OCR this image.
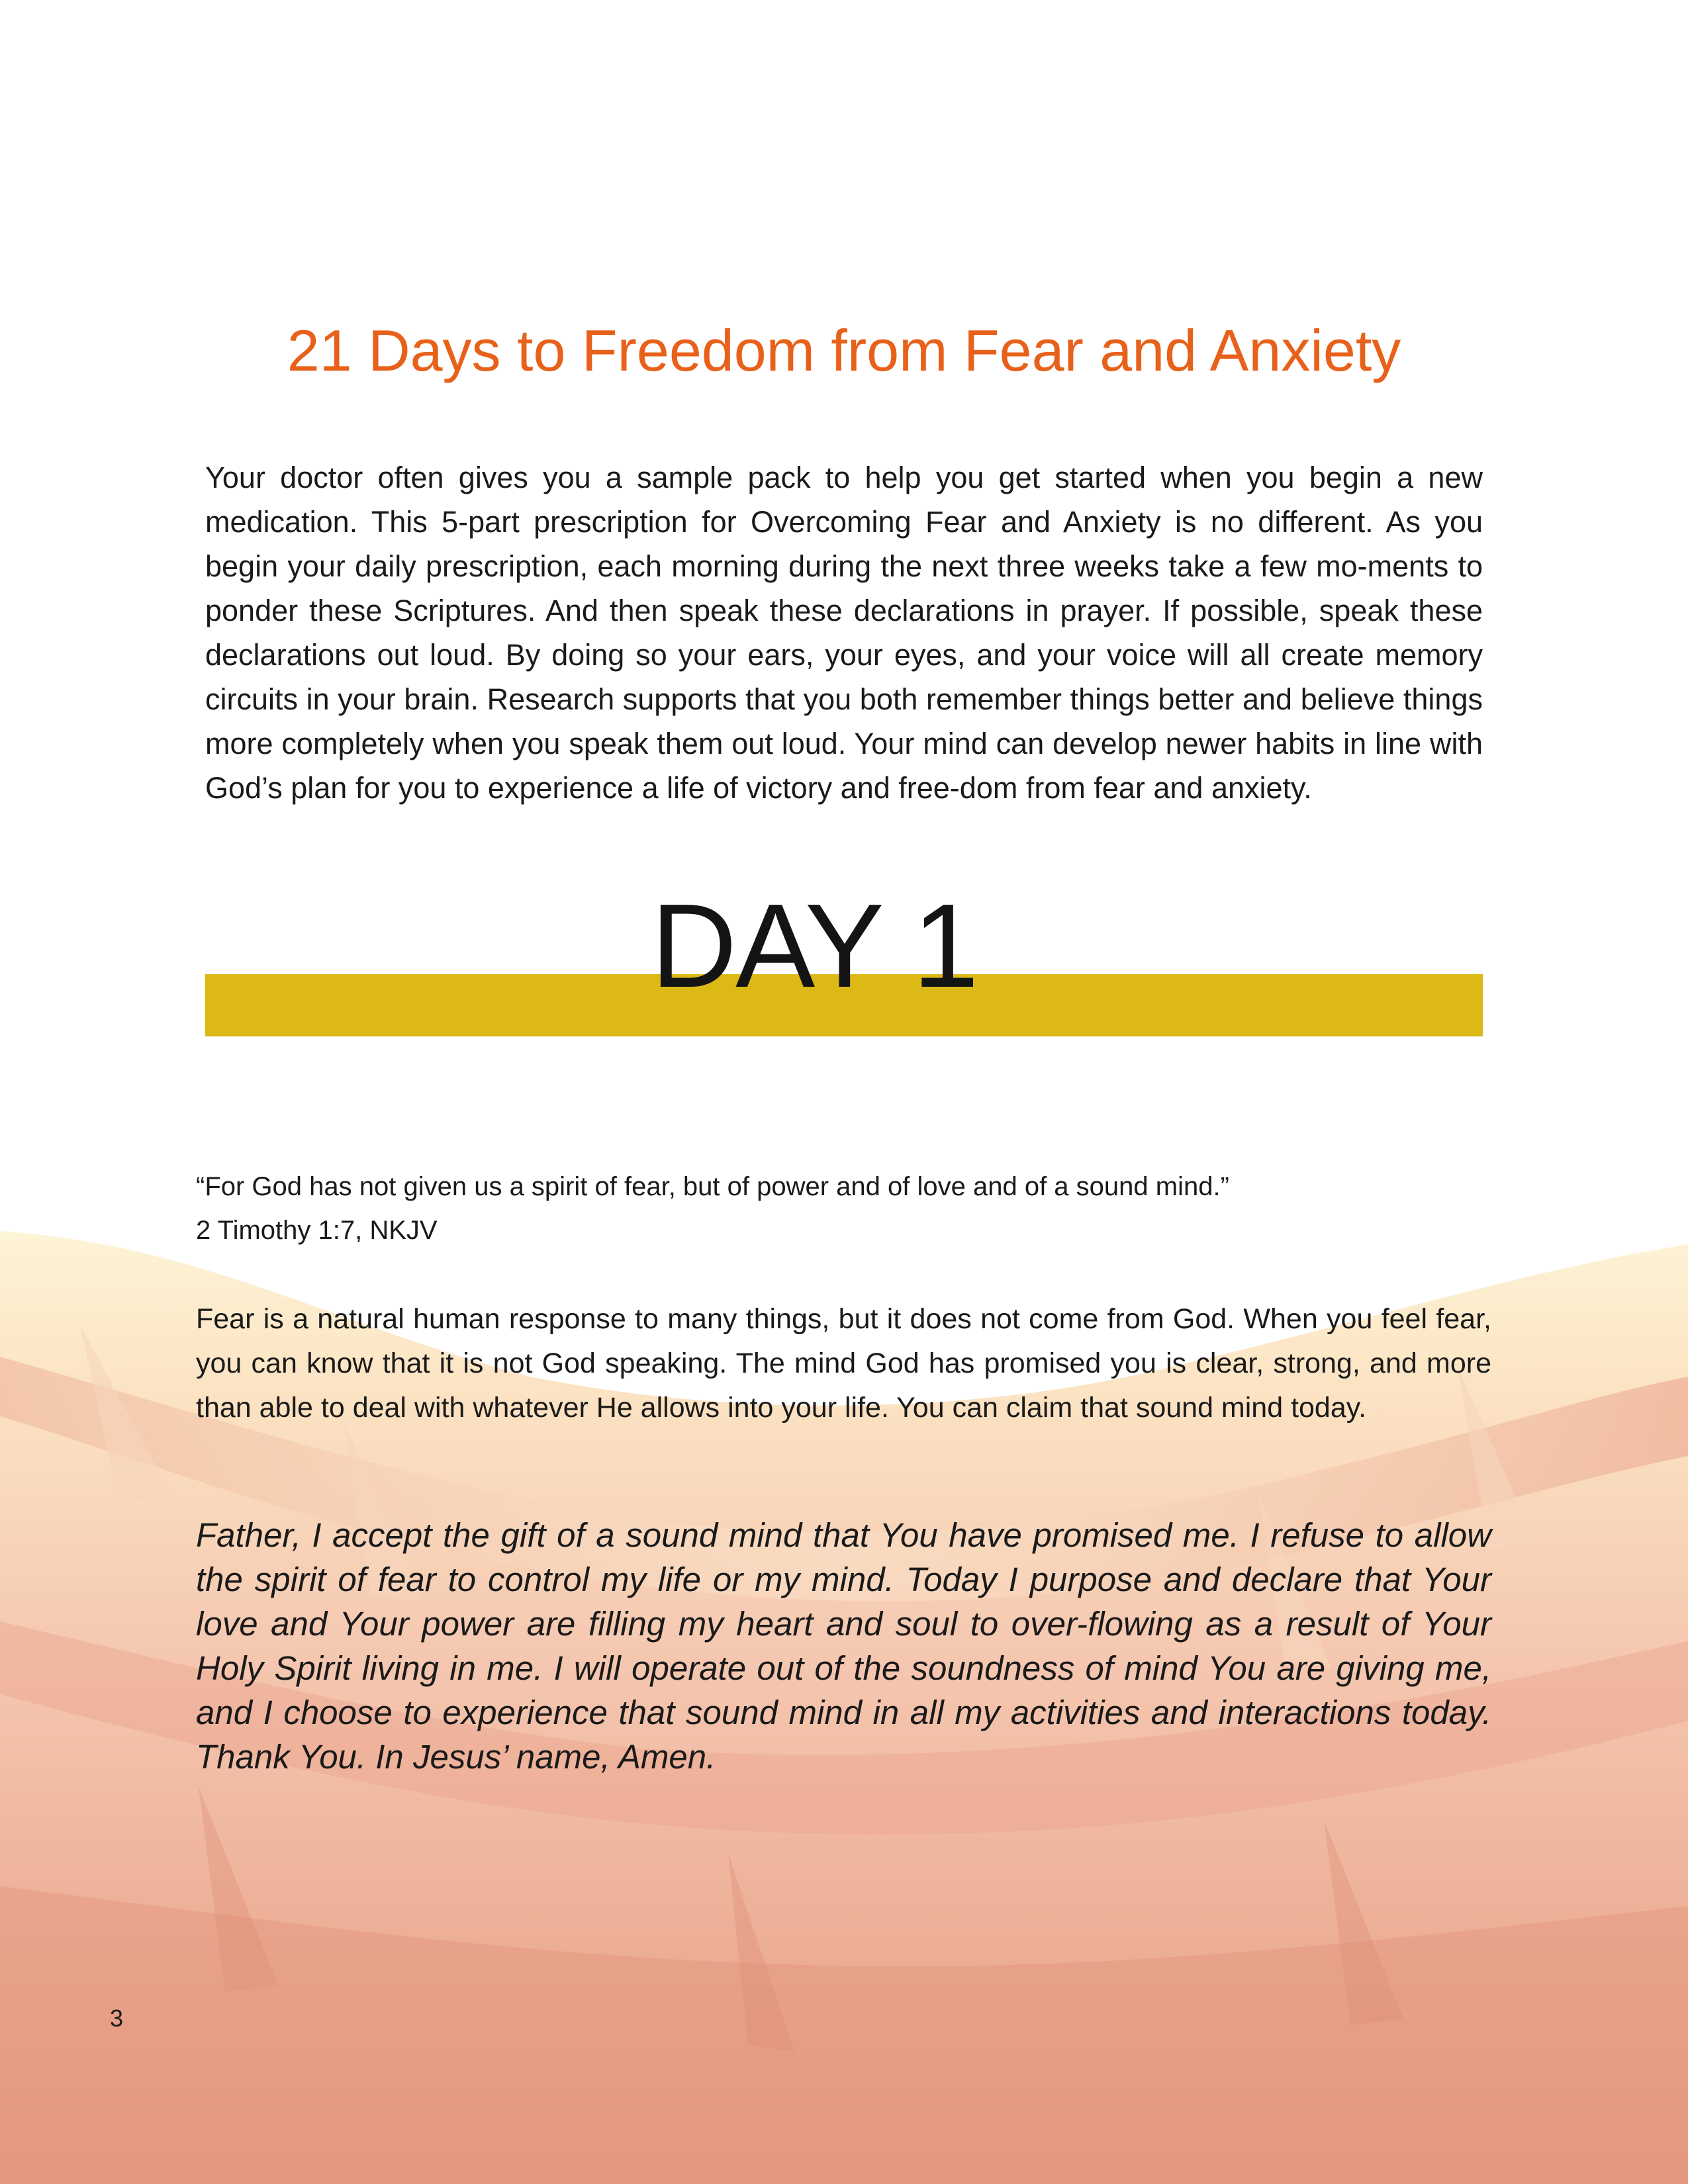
21 Days to Freedom from Fear and Anxiety

Your doctor often gives you a sample pack to help you get started when you begin a new medication. This 5-part prescription for Overcoming Fear and Anxiety is no different. As you begin your daily prescription, each morning during the next three weeks take a few mo-ments to ponder these Scriptures. And then speak these declarations in prayer. If possible, speak these declarations out loud. By doing so your ears, your eyes, and your voice will all create memory circuits in your brain. Research supports that you both remember things better and believe things more completely when you speak them out loud. Your mind can develop newer habits in line with God’s plan for you to experience a life of victory and free-dom from fear and anxiety.

DAY 1

“For God has not given us a spirit of fear, but of power and of love and of a sound mind.”

2 Timothy 1:7, NKJV

Fear is a natural human response to many things, but it does not come from God. When you feel fear, you can know that it is not God speaking. The mind God has promised you is clear, strong, and more than able to deal with whatever He allows into your life. You can claim that sound mind today.

Father, I accept the gift of a sound mind that You have promised me. I refuse to allow the spirit of fear to control my life or my mind. Today I purpose and declare that Your love and Your power are filling my heart and soul to over-flowing as a result of Your Holy Spirit living in me. I will operate out of the soundness of mind You are giving me, and I choose to experience that sound mind in all my activities and interactions today. Thank You. In Jesus’ name, Amen.

3
